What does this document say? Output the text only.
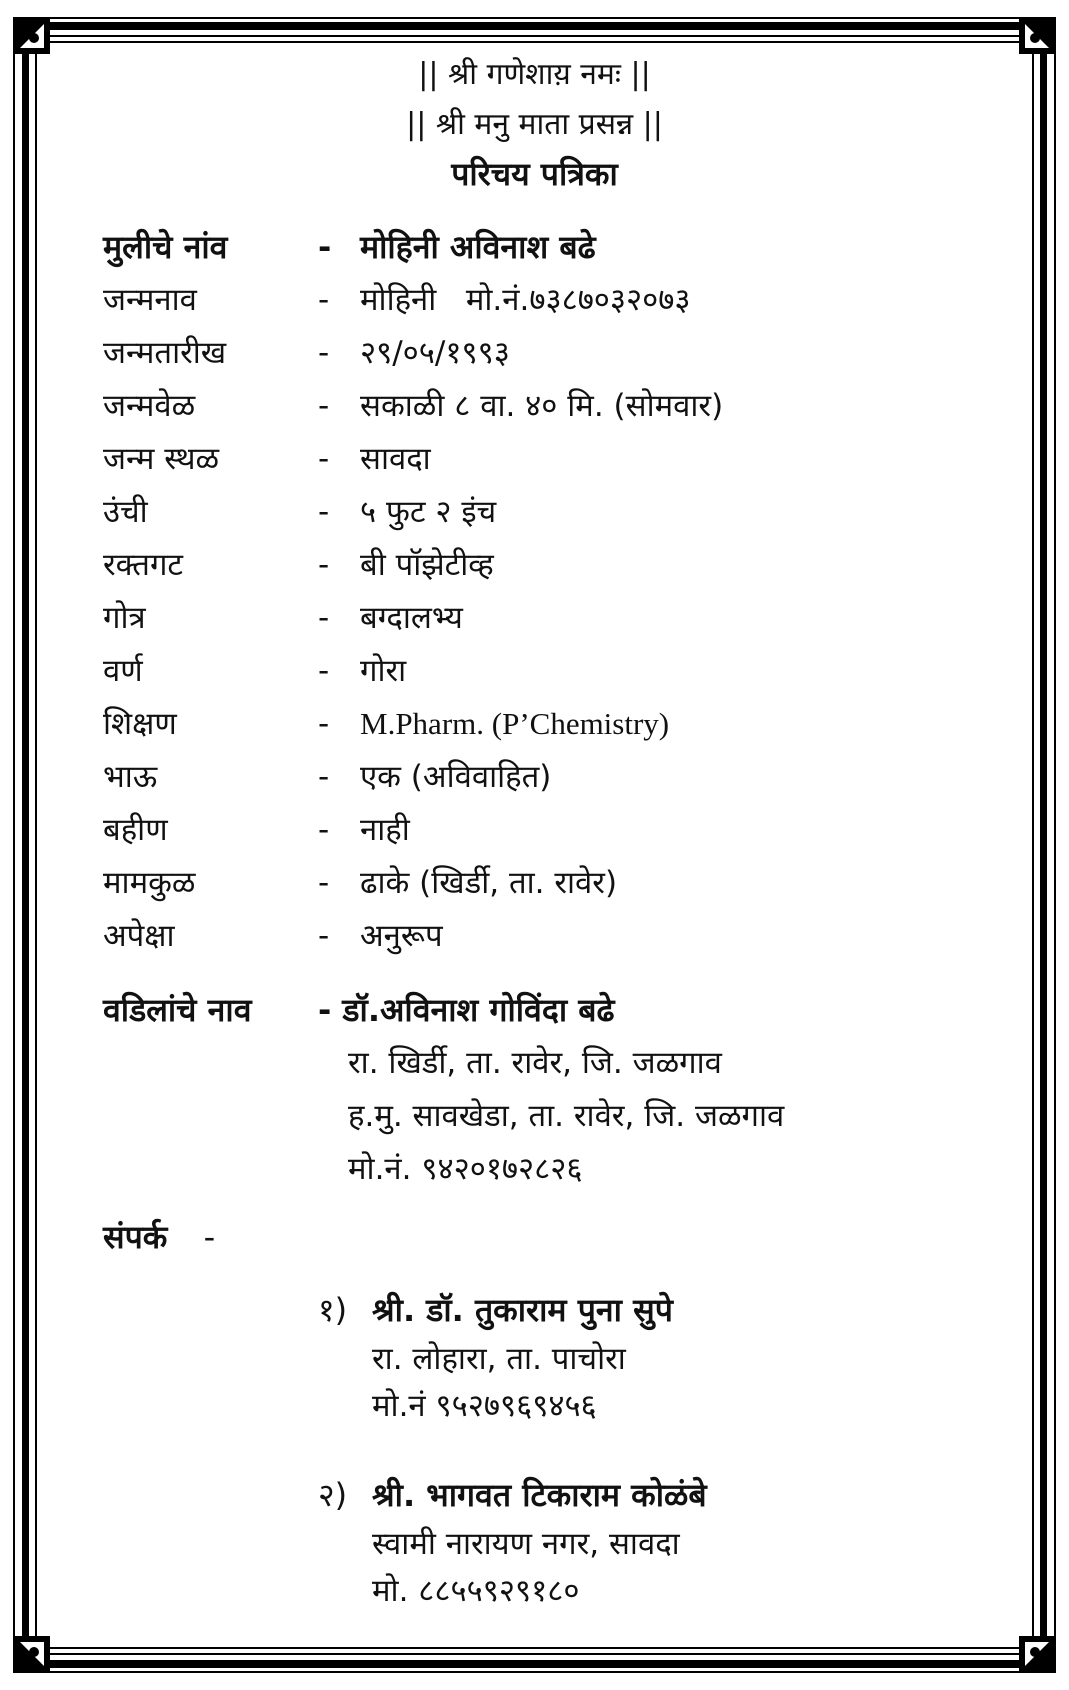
|| श्री गणेशाय़ नमः ||
|| श्री मनु माता प्रसन्न ||
परिचय पत्रिका
मुलीचे नांव	- मोहिनी अविनाश बढे
जन्मनाव	- मोहिनी   मो.नं.७३८७०३२०७३
जन्मतारीख	- २९/०५/१९९३
जन्मवेळ	- सकाळी ८ वा. ४० मि. (सोमवार)
जन्म स्थळ	- सावदा
उंची	- ५ फुट २ इंच
रक्तगट	- बी पॉझेटीव्ह
गोत्र	- बग्दालभ्य
वर्ण	- गोरा
शिक्षण	- M.Pharm. (P’Chemistry)
भाऊ	- एक (अविवाहित)
बहीण	- नाही
मामकुळ	- ढाके (खिर्डी, ता. रावेर)
अपेक्षा	- अनुरूप
वडिलांचे नाव - डॉ.अविनाश गोविंदा बढे
रा. खिर्डी, ता. रावेर, जि. जळगाव
ह.मु. सावखेडा, ता. रावेर, जि. जळगाव
मो.नं. ९४२०१७२८२६
संपर्क -
१) श्री. डॉ. तुकाराम पुना सुपे
रा. लोहारा, ता. पाचोरा
मो.नं ९५२७९६९४५६
२) श्री. भागवत टिकाराम कोळंबे
स्वामी नारायण नगर, सावदा
मो. ८८५५९२९१८०
